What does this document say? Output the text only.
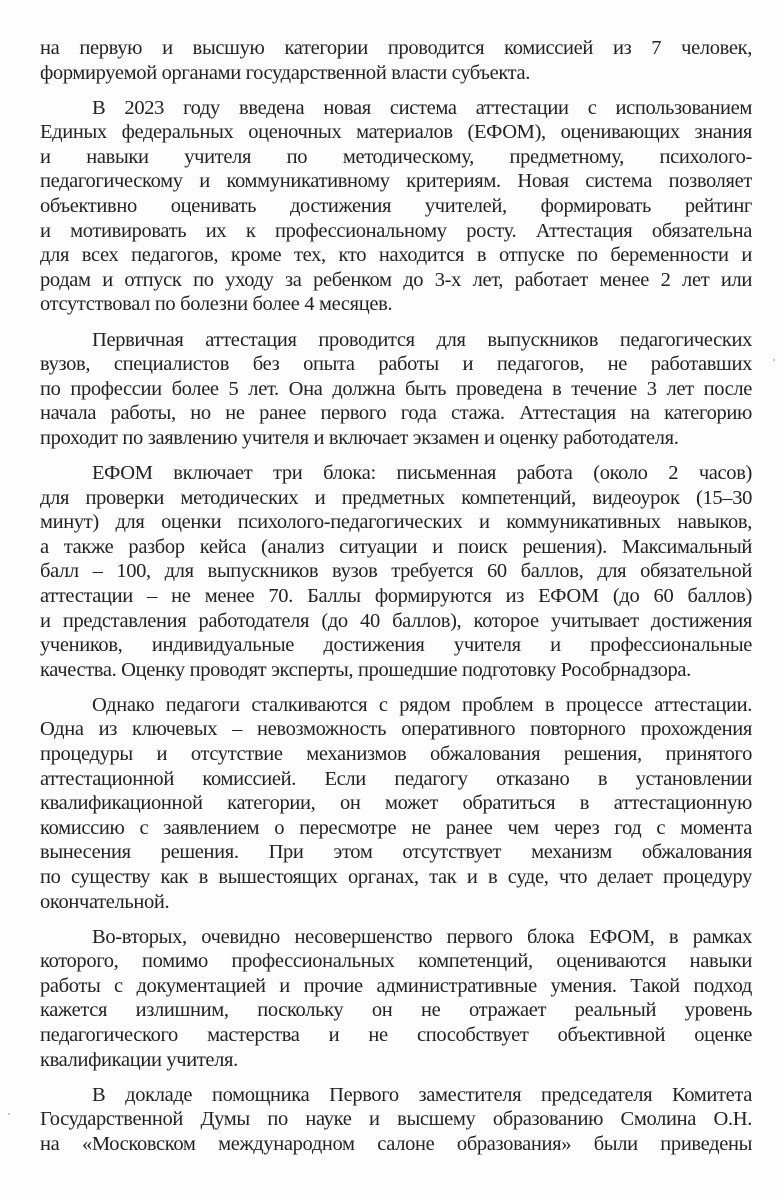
на первую и высшую категории проводится комиссией из 7 человек,
формируемой органами государственной власти субъекта.

В 2023 году введена новая система аттестации с использованием
Единых федеральных оценочных материалов (ЕФОМ), оценивающих знания
и навыки учителя по методическому, предметному, психолого-
педагогическому и коммуникативному критериям. Новая система позволяет
объективно оценивать достижения учителей, формировать рейтинг
и мотивировать их к профессиональному росту. Аттестация обязательна
для всех педагогов, кроме тех, кто находится в отпуске по беременности и
родам и отпуск по уходу за ребенком до 3-х лет, работает менее 2 лет или
отсутствовал по болезни более 4 месяцев.

Первичная аттестация проводится для выпускников педагогических
вузов, специалистов без опыта работы и педагогов, не работавших
по профессии более 5 лет. Она должна быть проведена в течение 3 лет после
начала работы, но не ранее первого года стажа. Аттестация на категорию
проходит по заявлению учителя и включает экзамен и оценку работодателя.

ЕФОМ включает три блока: письменная работа (около 2 часов)
для проверки методических и предметных компетенций, видеоурок (15–30
минут) для оценки психолого-педагогических и коммуникативных навыков,
а также разбор кейса (анализ ситуации и поиск решения). Максимальный
балл – 100, для выпускников вузов требуется 60 баллов, для обязательной
аттестации – не менее 70. Баллы формируются из ЕФОМ (до 60 баллов)
и представления работодателя (до 40 баллов), которое учитывает достижения
учеников, индивидуальные достижения учителя и профессиональные
качества. Оценку проводят эксперты, прошедшие подготовку Рособрнадзора.

Однако педагоги сталкиваются с рядом проблем в процессе аттестации.
Одна из ключевых – невозможность оперативного повторного прохождения
процедуры и отсутствие механизмов обжалования решения, принятого
аттестационной комиссией. Если педагогу отказано в установлении
квалификационной категории, он может обратиться в аттестационную
комиссию с заявлением о пересмотре не ранее чем через год с момента
вынесения решения. При этом отсутствует механизм обжалования
по существу как в вышестоящих органах, так и в суде, что делает процедуру
окончательной.

Во-вторых, очевидно несовершенство первого блока ЕФОМ, в рамках
которого, помимо профессиональных компетенций, оцениваются навыки
работы с документацией и прочие административные умения. Такой подход
кажется излишним, поскольку он не отражает реальный уровень
педагогического мастерства и не способствует объективной оценке
квалификации учителя.

В докладе помощника Первого заместителя председателя Комитета
Государственной Думы по науке и высшему образованию Смолина О.Н.
на «Московском международном салоне образования» были приведены
